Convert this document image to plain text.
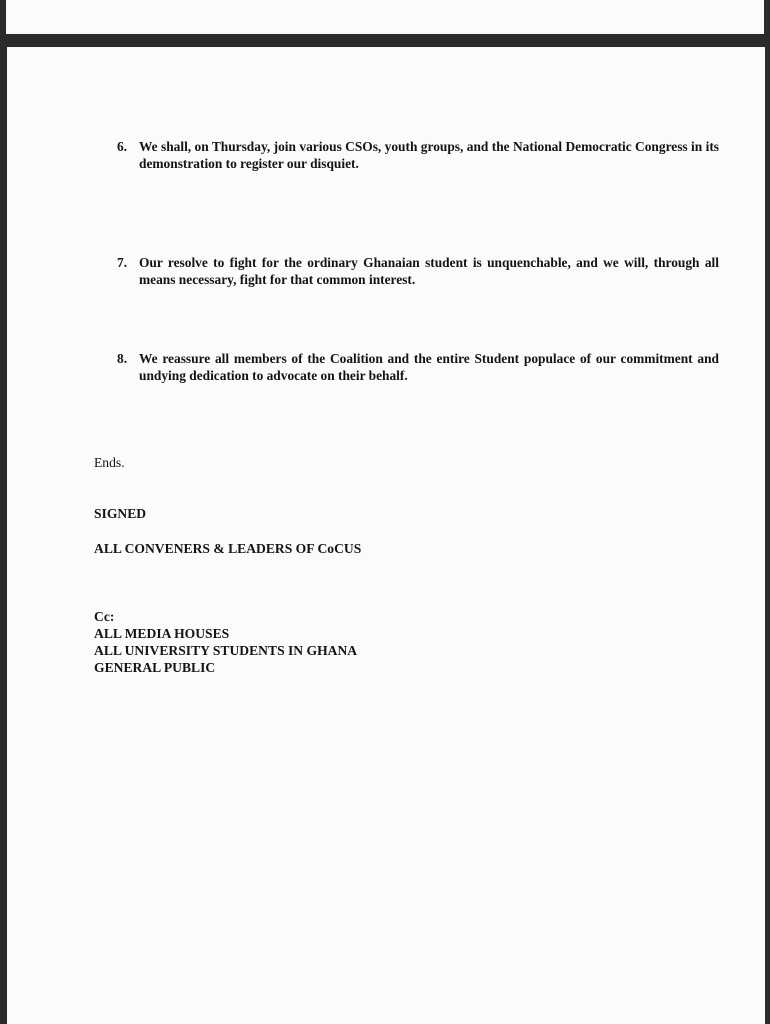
6. We shall, on Thursday, join various CSOs, youth groups, and the National Democratic Congress in its demonstration to register our disquiet.
7. Our resolve to fight for the ordinary Ghanaian student is unquenchable, and we will, through all means necessary, fight for that common interest.
8. We reassure all members of the Coalition and the entire Student populace of our commitment and undying dedication to advocate on their behalf.
Ends.
SIGNED
ALL CONVENERS & LEADERS OF CoCUS
Cc:
ALL MEDIA HOUSES
ALL UNIVERSITY STUDENTS IN GHANA
GENERAL PUBLIC
